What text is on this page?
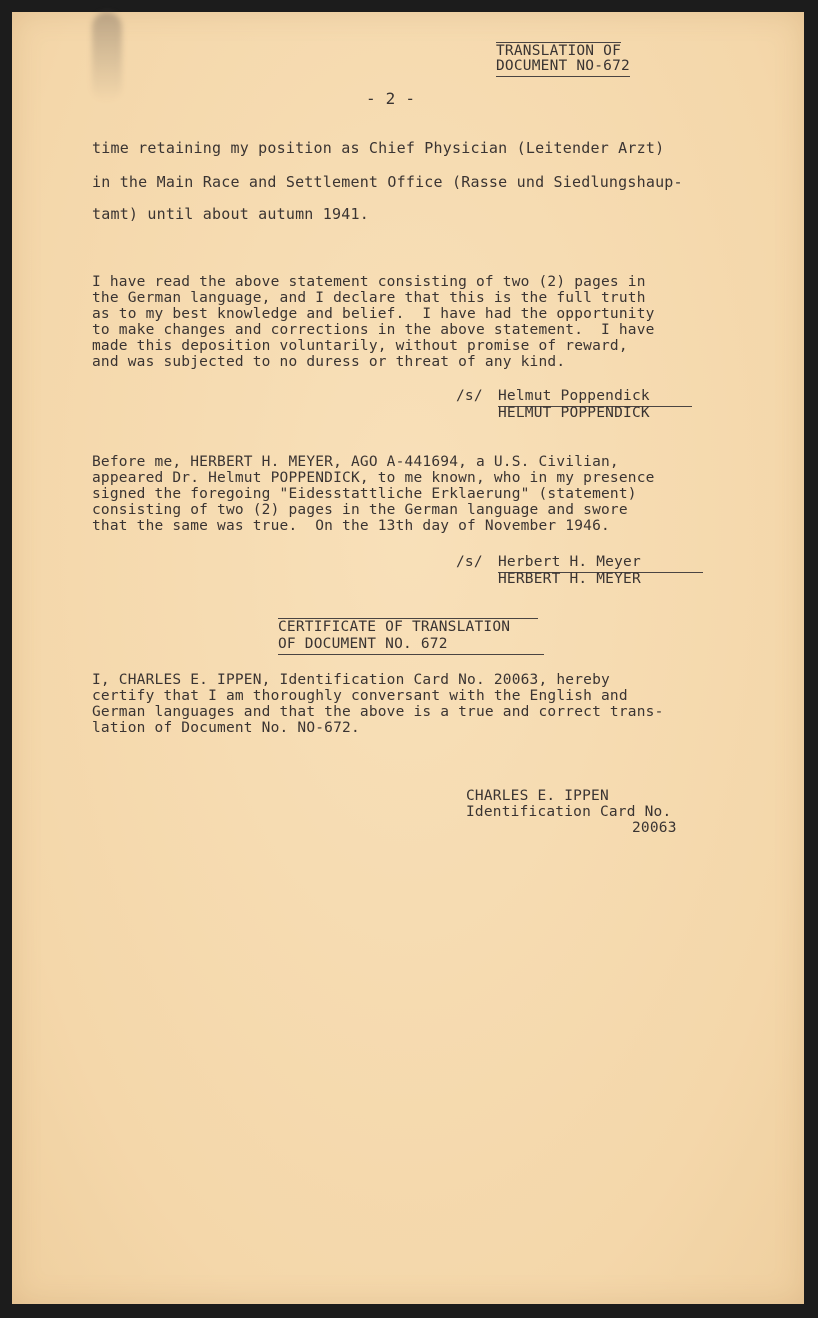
TRANSLATION OF
DOCUMENT NO-672
- 2 -
time retaining my position as Chief Physician (Leitender Arzt)
in the Main Race and Settlement Office (Rasse und Siedlungshaup-
tamt) until about autumn 1941.
I have read the above statement consisting of two (2) pages in
the German language, and I declare that this is the full truth
as to my best knowledge and belief.  I have had the opportunity
to make changes and corrections in the above statement.  I have
made this deposition voluntarily, without promise of reward,
and was subjected to no duress or threat of any kind.
/s/ Helmut Poppendick
HELMUT POPPENDICK
Before me, HERBERT H. MEYER, AGO A-441694, a U.S. Civilian,
appeared Dr. Helmut POPPENDICK, to me known, who in my presence
signed the foregoing "Eidesstattliche Erklaerung" (statement)
consisting of two (2) pages in the German language and swore
that the same was true.  On the 13th day of November 1946.
/s/ Herbert H. Meyer
HERBERT H. MEYER
CERTIFICATE OF TRANSLATION
OF DOCUMENT NO. 672
I, CHARLES E. IPPEN, Identification Card No. 20063, hereby
certify that I am thoroughly conversant with the English and
German languages and that the above is a true and correct trans-
lation of Document No. NO-672.
CHARLES E. IPPEN
Identification Card No.
20063
